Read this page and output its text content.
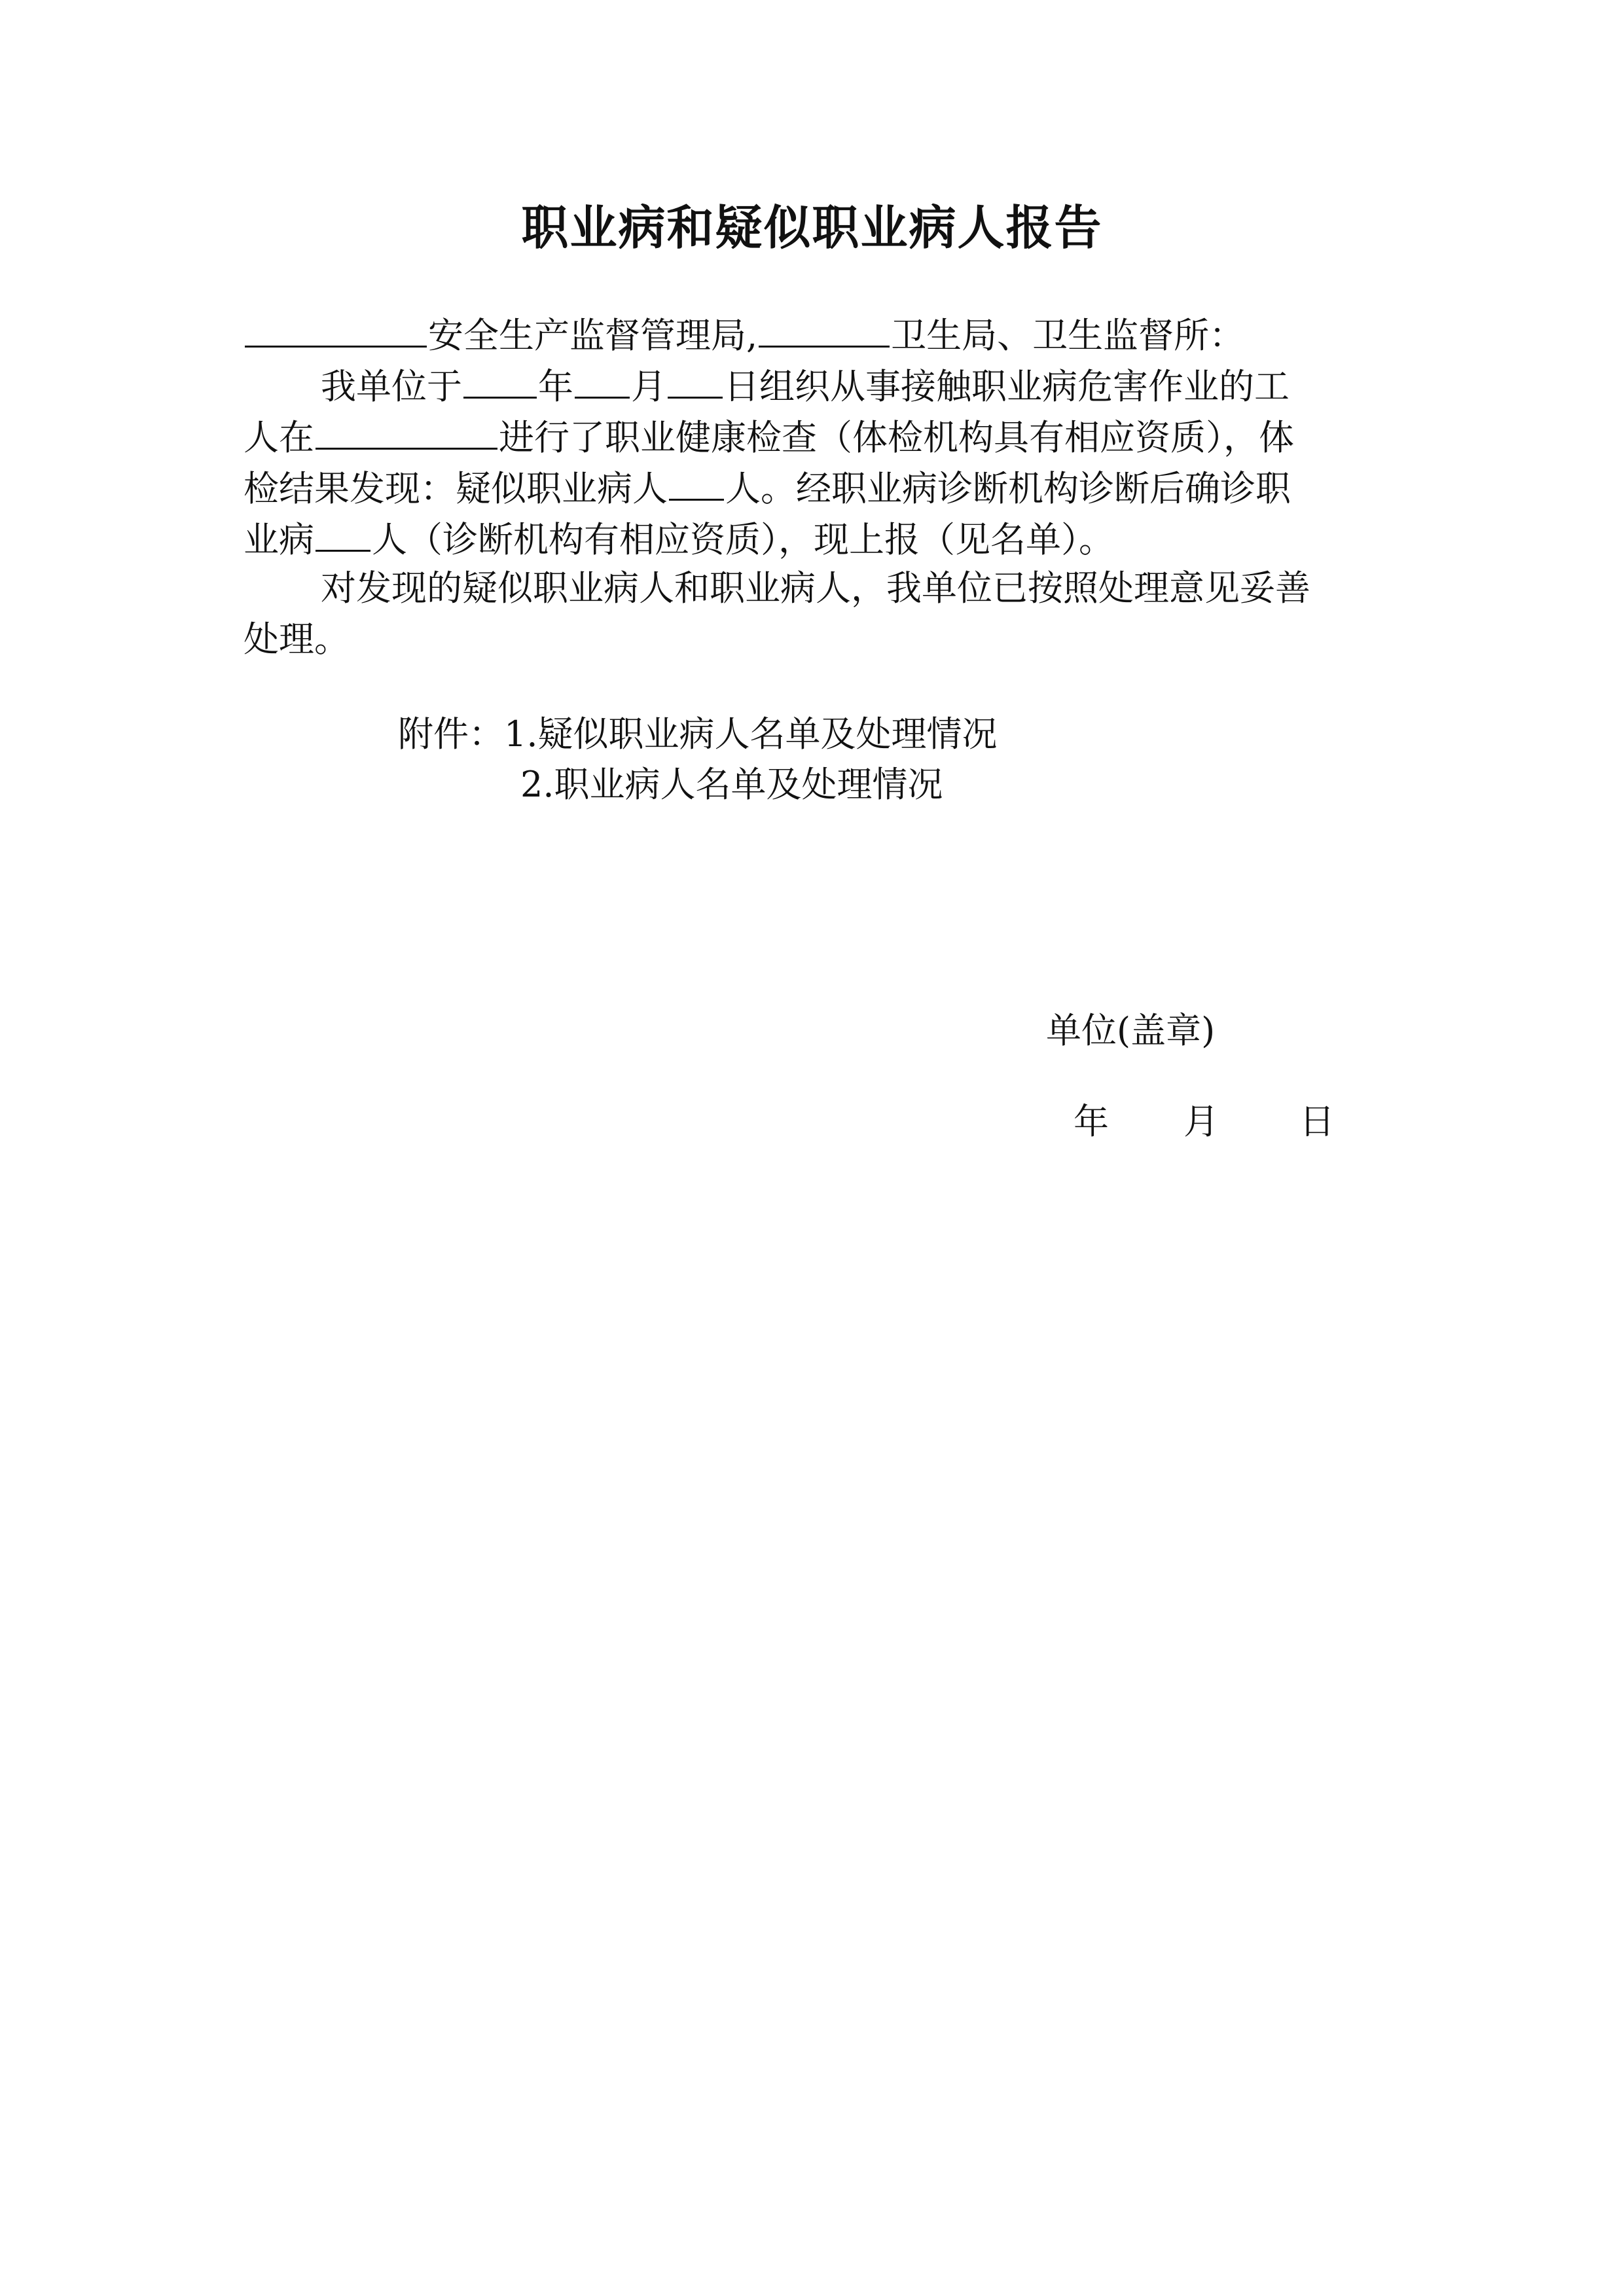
职业病和疑似职业病人报告
安全生产监督管理局,	卫生局、卫生监督所：
我单位于 年 月 日组织从事接触职业病危害作业的工
人在	进行了职业健康检查（体检机构具有相应资质），体
检结果发现：疑似职业病人 人。经职业病诊断机构诊断后确诊职
业病 人（诊断机构有相应资质），现上报（见名单）。
对发现的疑似职业病人和职业病人，我单位已按照处理意见妥善
处理。
附件：1.疑似职业病人名单及处理情况
2.职业病人名单及处理情况
单位(盖章)
年 月 日
